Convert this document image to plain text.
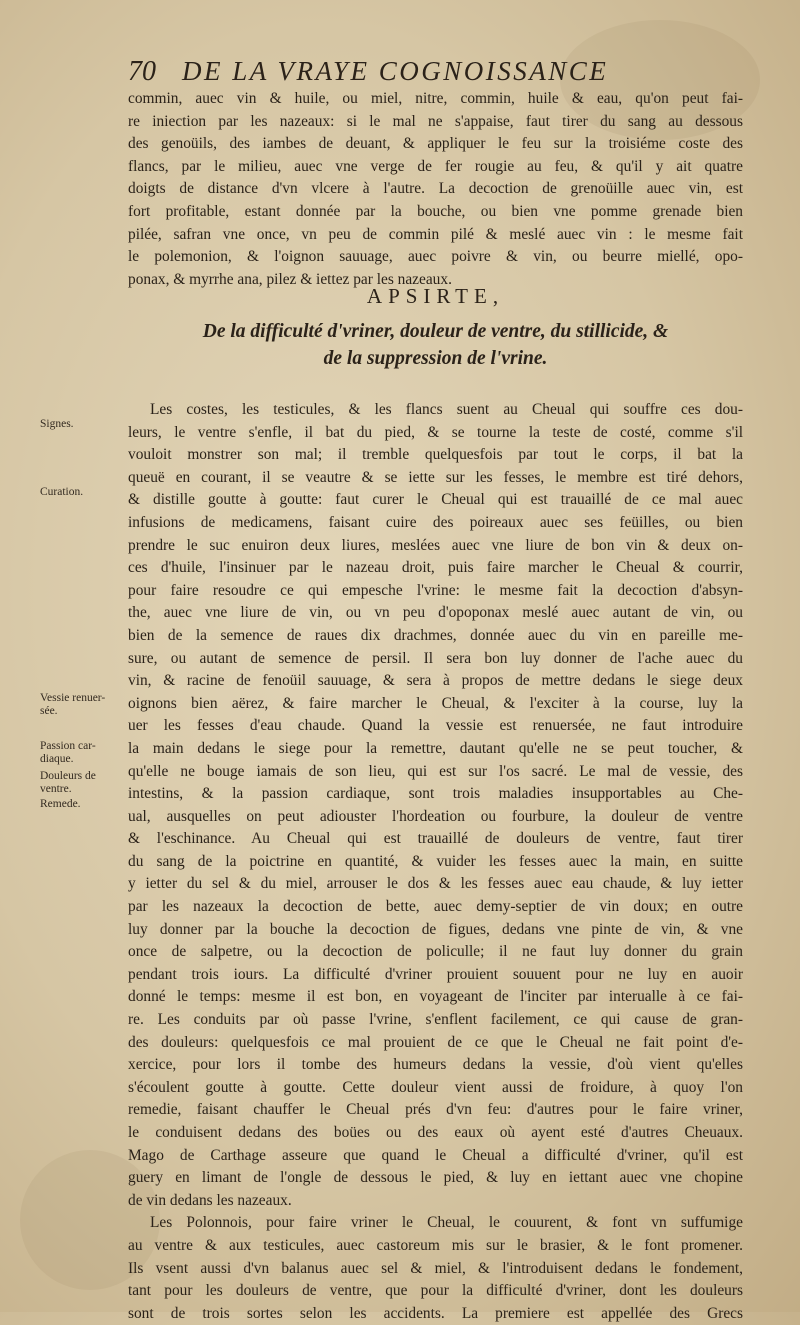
70 DE LA VRAYE COGNOISSANCE
commin, auec vin & huile, ou miel, nitre, commin, huile & eau, qu'on peut fai-
re iniection par les nazeaux: si le mal ne s'appaise, faut tirer du sang au dessous
des genoüils, des iambes de deuant, & appliquer le feu sur la troisiéme coste des
flancs, par le milieu, auec vne verge de fer rougie au feu, & qu'il y ait quatre
doigts de distance d'vn vlcere à l'autre. La decoction de grenoüille auec vin, est
fort profitable, estant donnée par la bouche, ou bien vne pomme grenade bien
pilée, safran vne once, vn peu de commin pilé & meslé auec vin : le mesme fait
le polemonion, & l'oignon sauuage, auec poivre & vin, ou beurre miellé, opo-
ponax, & myrrhe ana, pilez & iettez par les nazeaux.
APSIRTE,
De la difficulté d'vriner, douleur de ventre, du stillicide, &
de la suppression de l'vrine.
Les costes, les testicules, & les flancs suent au Cheual qui souffre ces dou-
leurs, le ventre s'enfle, il bat du pied, & se tourne la teste de costé, comme s'il
vouloit monstrer son mal; il tremble quelquesfois par tout le corps, il bat la
queuë en courant, il se veautre & se iette sur les fesses, le membre est tiré dehors,
& distille goutte à goutte: faut curer le Cheual qui est trauaillé de ce mal auec
infusions de medicamens, faisant cuire des poireaux auec ses feüilles, ou bien
prendre le suc enuiron deux liures, meslées auec vne liure de bon vin & deux on-
ces d'huile, l'insinuer par le nazeau droit, puis faire marcher le Cheual & courrir,
pour faire resoudre ce qui empesche l'vrine: le mesme fait la decoction d'absyn-
the, auec vne liure de vin, ou vn peu d'opoponax meslé auec autant de vin, ou
bien de la semence de raues dix drachmes, donnée auec du vin en pareille me-
sure, ou autant de semence de persil. Il sera bon luy donner de l'ache auec du
vin, & racine de fenoüil sauuage, & sera à propos de mettre dedans le siege deux
oignons bien aërez, & faire marcher le Cheual, & l'exciter à la course, luy la
uer les fesses d'eau chaude. Quand la vessie est renuersée, ne faut introduire
la main dedans le siege pour la remettre, dautant qu'elle ne se peut toucher, &
qu'elle ne bouge iamais de son lieu, qui est sur l'os sacré. Le mal de vessie, des
intestins, & la passion cardiaque, sont trois maladies insupportables au Che-
ual, ausquelles on peut adiouster l'hordeation ou fourbure, la douleur de ventre
& l'eschinance. Au Cheual qui est trauaillé de douleurs de ventre, faut tirer
du sang de la poictrine en quantité, & vuider les fesses auec la main, en suitte
y ietter du sel & du miel, arrouser le dos & les fesses auec eau chaude, & luy ietter
par les nazeaux la decoction de bette, auec demy-septier de vin doux; en outre
luy donner par la bouche la decoction de figues, dedans vne pinte de vin, & vne
once de salpetre, ou la decoction de policulle; il ne faut luy donner du grain
pendant trois iours. La difficulté d'vriner prouient souuent pour ne luy en auoir
donné le temps: mesme il est bon, en voyageant de l'inciter par interualle à ce fai-
re. Les conduits par où passe l'vrine, s'enflent facilement, ce qui cause de gran-
des douleurs: quelquesfois ce mal prouient de ce que le Cheual ne fait point d'e-
xercice, pour lors il tombe des humeurs dedans la vessie, d'où vient qu'elles
s'écoulent goutte à goutte. Cette douleur vient aussi de froidure, à quoy l'on
remedie, faisant chauffer le Cheual prés d'vn feu: d'autres pour le faire vriner,
le conduisent dedans des boües ou des eaux où ayent esté d'autres Cheuaux.
Mago de Carthage asseure que quand le Cheual a difficulté d'vriner, qu'il est
guery en limant de l'ongle de dessous le pied, & luy en iettant auec vne chopine
de vin dedans les nazeaux.
Les Polonnois, pour faire vriner le Cheual, le couurent, & font vn suffumige
au ventre & aux testicules, auec castoreum mis sur le brasier, & le font promener.
Ils vsent aussi d'vn balanus auec sel & miel, & l'introduisent dedans le fondement,
tant pour les douleurs de ventre, que pour la difficulté d'vriner, dont les douleurs
sont de trois sortes selon les accidents. La premiere est appellée des Grecs
Signes.
Curation.
Vessie renuer-
sée.
Passion car-
diaque.
Douleurs de
ventre.
Remede.
